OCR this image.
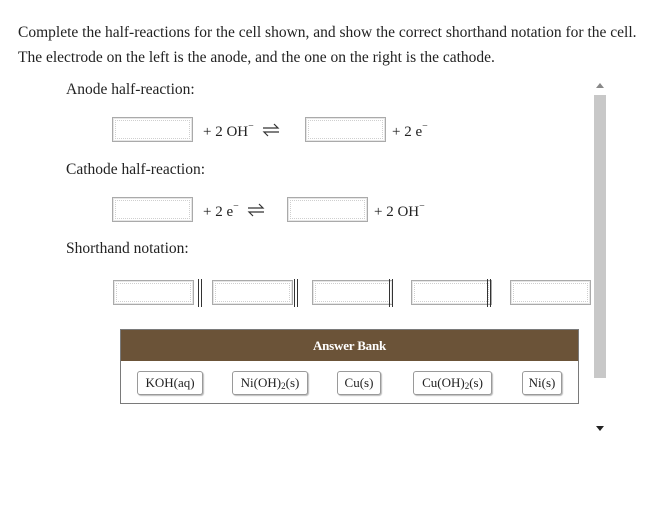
Complete the half-reactions for the cell shown, and show the correct shorthand notation for the cell. The electrode on the left is the anode, and the one on the right is the cathode.
Anode half-reaction:
+ 2 OH− ⇌	+ 2 e−
Cathode half-reaction:
+ 2 e− ⇌	+ 2 OH−
Shorthand notation:
Answer Bank
KOH(aq)	$Ni(OH)_2(s)$	Cu(s)	$Cu(OH)_2(s)$	Ni(s)
